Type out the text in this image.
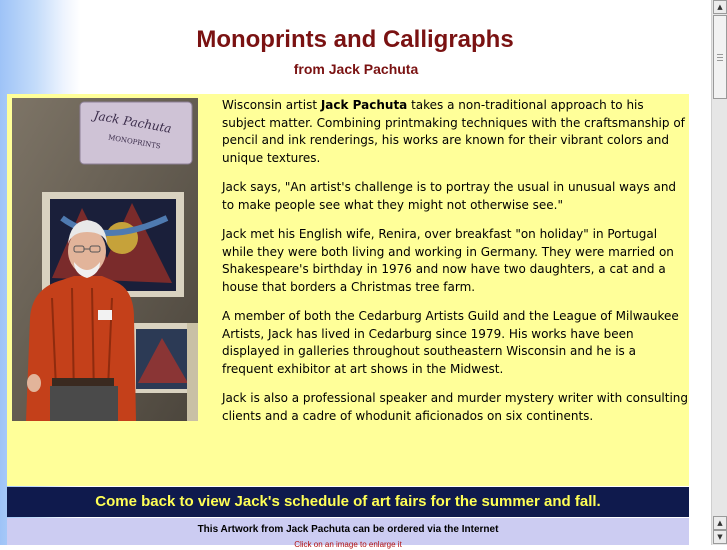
Monoprints and Calligraphs
from Jack Pachuta
Jack Pachuta
MONOPRINTS

Wisconsin artist Jack Pachuta takes a non-traditional approach to his subject matter. Combining printmaking techniques with the craftsmanship of pencil and ink renderings, his works are known for their vibrant colors and unique textures.

Jack says, "An artist's challenge is to portray the usual in unusual ways and to make people see what they might not otherwise see."

Jack met his English wife, Renira, over breakfast "on holiday" in Portugal while they were both living and working in Germany. They were married on Shakespeare's birthday in 1976 and now have two daughters, a cat and a house that borders a Christmas tree farm.

A member of both the Cedarburg Artists Guild and the League of Milwaukee Artists, Jack has lived in Cedarburg since 1979. His works have been displayed in galleries throughout southeastern Wisconsin and he is a frequent exhibitor at art shows in the Midwest.

Jack is also a professional speaker and murder mystery writer with consulting clients and a cadre of whodunit aficionados on six continents.

Come back to view Jack's schedule of art fairs for the summer and fall.
This Artwork from Jack Pachuta can be ordered via the Internet
Click on an image to enlarge it
▲
▲
▼
